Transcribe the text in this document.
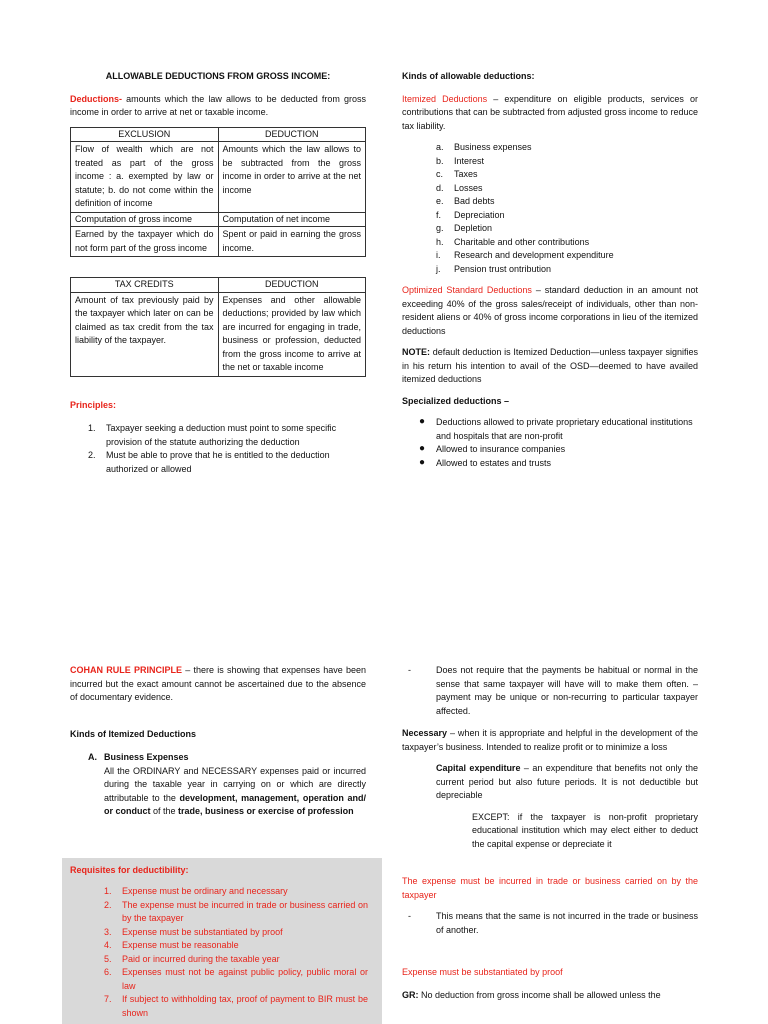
ALLOWABLE DEDUCTIONS FROM GROSS INCOME:

Deductions- amounts which the law allows to be deducted from gross income in order to arrive at net or taxable income.

EXCLUSION	DEDUCTION
Flow of wealth which are not treated as part of the gross income : a. exempted by law or statute; b. do not come within the definition of income	Amounts which the law allows to be subtracted from the gross income in order to arrive at the net income
Computation of gross income	Computation of net income
Earned by the taxpayer which do not form part of the gross income	Spent or paid in earning the gross income.
TAX CREDITS	DEDUCTION
Amount of tax previously paid by the taxpayer which later on can be claimed as tax credit from the tax liability of the taxpayer.	Expenses and other allowable deductions; provided by law which are incurred for engaging in trade, business or profession, deducted from the gross income to arrive at the net or taxable income

Principles:

1. Taxpayer seeking a deduction must point to some specific provision of the statute authorizing the deduction
2. Must be able to prove that he is entitled to the deduction authorized or allowed

Kinds of allowable deductions:

Itemized Deductions – expenditure on eligible products, services or contributions that can be subtracted from adjusted gross income to reduce tax liability.

a. Business expenses
b. Interest
c. Taxes
d. Losses
e. Bad debts
f. Depreciation
g. Depletion
h. Charitable and other contributions
i. Research and development expenditure
j. Pension trust ontribution

Optimized Standard Deductions – standard deduction in an amount not exceeding 40% of the gross sales/receipt of individuals, other than non-resident aliens or 40% of gross income corporations in lieu of the itemized deductions

NOTE: default deduction is Itemized Deduction—unless taxpayer signifies in his return his intention to avail of the OSD—deemed to have availed itemized deductions

Specialized deductions –

● Deductions allowed to private proprietary educational institutions and hospitals that are non-profit
● Allowed to insurance companies
● Allowed to estates and trusts

COHAN RULE PRINCIPLE – there is showing that expenses have been incurred but the exact amount cannot be ascertained due to the absence of documentary evidence.

Kinds of Itemized Deductions

A. Business Expenses

All the ORDINARY and NECESSARY expenses paid or incurred during the taxable year in carrying on or which are directly attributable to the development, management, operation and/ or conduct of the trade, business or exercise of profession

Requisites for deductibility:

1. Expense must be ordinary and necessary
2. The expense must be incurred in trade or business carried on by the taxpayer
3. Expense must be substantiated by proof
4. Expense must be reasonable
5. Paid or incurred during the taxable year
6. Expenses must not be against public policy, public moral or law
7. If subject to withholding tax, proof of payment to BIR must be shown
-	Does not require that the payments be habitual or normal in the sense that same taxpayer will have will to make them often. – payment may be unique or non-recurring to particular taxpayer affected.

Necessary – when it is appropriate and helpful in the development of the taxpayer’s business. Intended to realize profit or to minimize a loss

Capital expenditure – an expenditure that benefits not only the current period but also future periods. It is not deductible but depreciable

EXCEPT: if the taxpayer is non-profit proprietary educational institution which may elect either to deduct the capital expense or depreciate it

The expense must be incurred in trade or business carried on by the taxpayer

-	This means that the same is not incurred in the trade or business of another.

Expense must be substantiated by proof

GR: No deduction from gross income shall be allowed unless the
